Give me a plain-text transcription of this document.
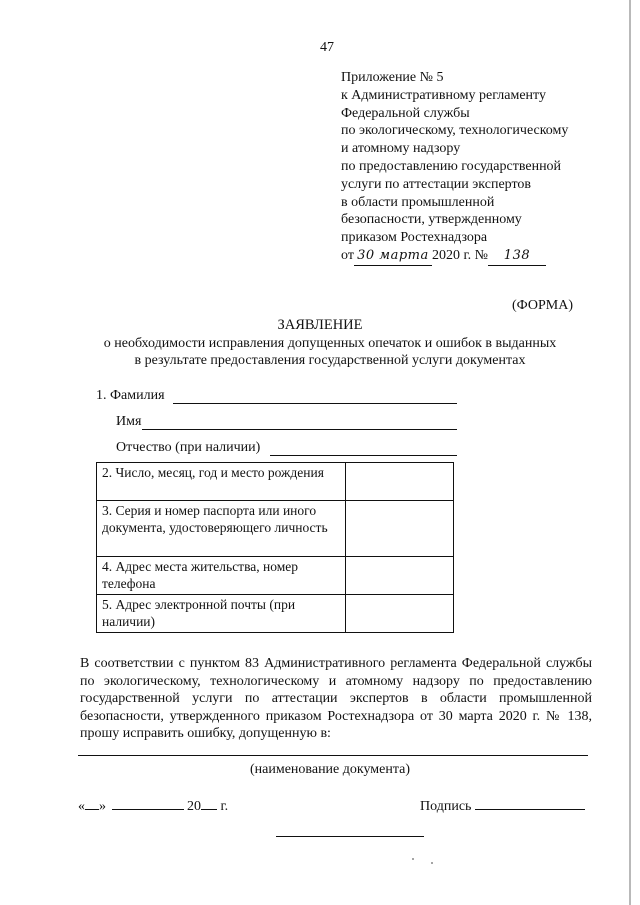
47
Приложение № 5
к Административному регламенту
Федеральной службы
по экологическому, технологическому
и атомному надзору
по предоставлению государственной
услуги по аттестации экспертов
в области промышленной
безопасности, утвержденному
приказом Ростехнадзора
от 30 марта 2020 г. № 138
(ФОРМА)
ЗАЯВЛЕНИЕ
о необходимости исправления допущенных опечаток и ошибок в выданных
в результате предоставления государственной услуги документах
1. Фамилия
Имя
Отчество (при наличии)
2. Число, месяц, год и место рождения	
3. Серия и номер паспорта или иного документа, удостоверяющего личность	
4. Адрес места жительства, номер телефона	
5. Адрес электронной почты (при наличии)	
В соответствии с пунктом 83 Административного регламента Федеральной службы по экологическому, технологическому и атомному надзору по предоставлению государственной услуги по аттестации экспертов в области промышленной безопасности, утвержденного приказом Ростехнадзора от 30 марта 2020 г. № 138, прошу исправить ошибку, допущенную в:
(наименование документа)
« »	20 г.	Подпись
